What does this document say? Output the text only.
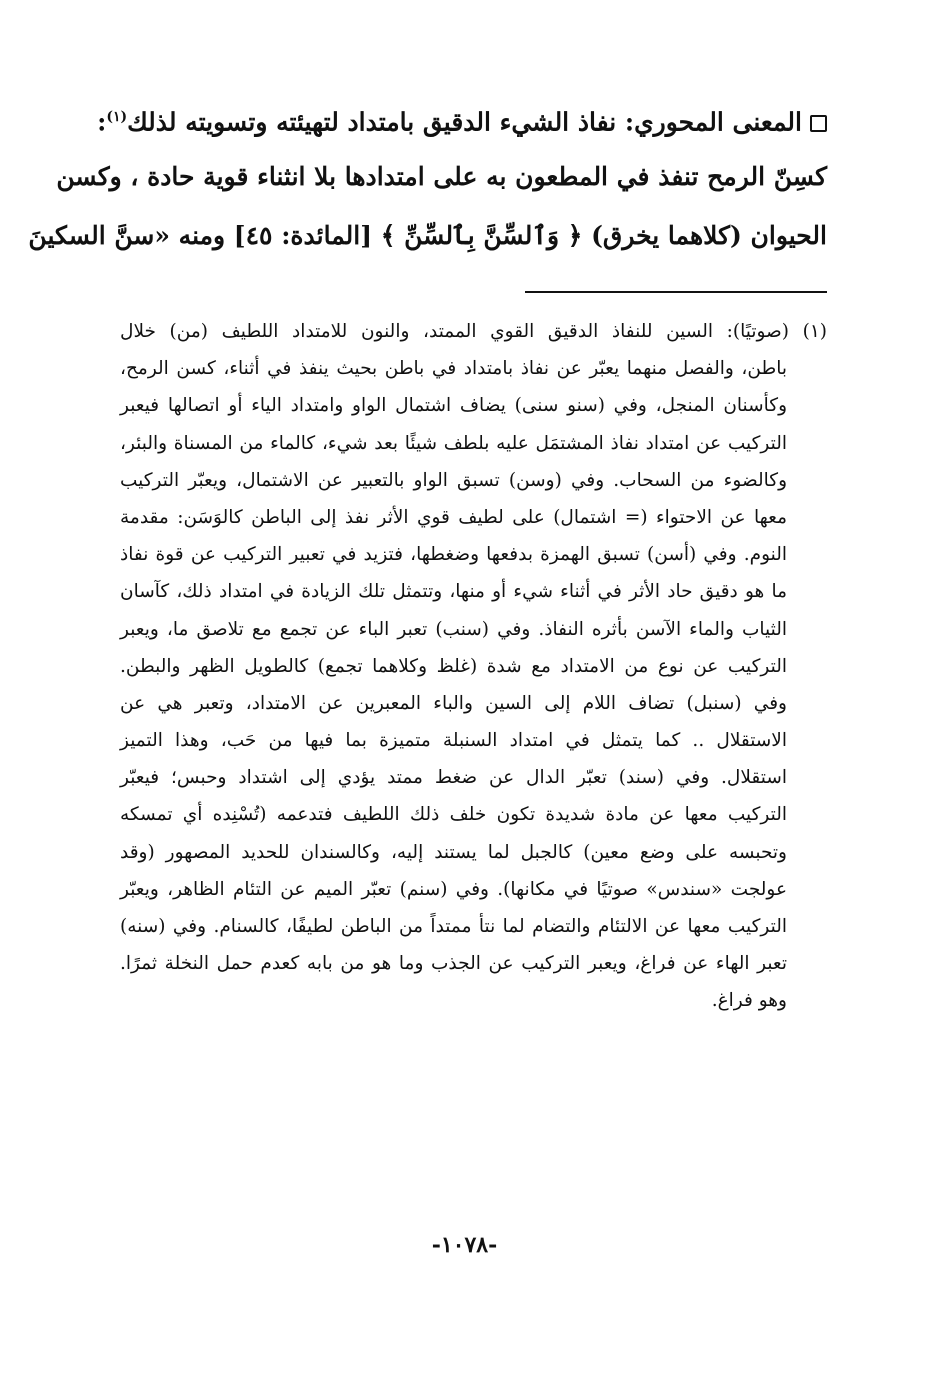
المعنى المحوري: نفاذ الشيء الدقيق بامتداد لتهيئته وتسويته لذلك$^{(١)}$:
كسِنّ الرمح تنفذ في المطعون به على امتدادها بلا انثناء قوية حادة ، وكسن
الحيوان (كلاهما يخرق) ﴿ وَٱلسِّنَّ بِٱلسِّنِّ ﴾ [المائدة: ٤٥] ومنه «سنَّ السكينَ
(١) (صوتيًا): السين للنفاذ الدقيق القوي الممتد، والنون للامتداد اللطيف (من) خلال
باطن، والفصل منهما يعبّر عن نفاذ بامتداد في باطن بحيث ينفذ في أثناء، كسن الرمح،
وكأسنان المنجل، وفي (سنو سنى) يضاف اشتمال الواو وامتداد الياء أو اتصالها فيعبر
التركيب عن امتداد نفاذ المشتمَل عليه بلطف شيئًا بعد شيء، كالماء من المسناة والبئر،
وكالضوء من السحاب. وفي (وسن) تسبق الواو بالتعبير عن الاشتمال، ويعبّر التركيب
معها عن الاحتواء (= اشتمال) على لطيف قوي الأثر نفذ إلى الباطن كالوَسَن: مقدمة
النوم. وفي (أسن) تسبق الهمزة بدفعها وضغطها، فتزيد في تعبير التركيب عن قوة نفاذ
ما هو دقيق حاد الأثر في أثناء شيء أو منها، وتتمثل تلك الزيادة في امتداد ذلك، كآسان
الثياب والماء الآسن بأثره النفاذ. وفي (سنب) تعبر الباء عن تجمع مع تلاصق ما، ويعبر
التركيب عن نوع من الامتداد مع شدة (غلظ وكلاهما تجمع) كالطويل الظهر والبطن.
وفي (سنبل) تضاف اللام إلى السين والباء المعبرين عن الامتداد، وتعبر هي عن
الاستقلال .. كما يتمثل في امتداد السنبلة متميزة بما فيها من حَب، وهذا التميز
استقلال. وفي (سند) تعبّر الدال عن ضغط ممتد يؤدي إلى اشتداد وحبس؛ فيعبّر
التركيب معها عن مادة شديدة تكون خلف ذلك اللطيف فتدعمه (تُسْنِده أي تمسكه
وتحبسه على وضع معين) كالجبل لما يستند إليه، وكالسندان للحديد المصهور (وقد
عولجت «سندس» صوتيًا في مكانها). وفي (سنم) تعبّر الميم عن التئام الظاهر، ويعبّر
التركيب معها عن الالتئام والتضام لما نتأ ممتداً من الباطن لطيفًا، كالسنام. وفي (سنه)
تعبر الهاء عن فراغ، ويعبر التركيب عن الجذب وما هو من بابه كعدم حمل النخلة ثمرًا.
وهو فراغ.
-١٠٧٨-
